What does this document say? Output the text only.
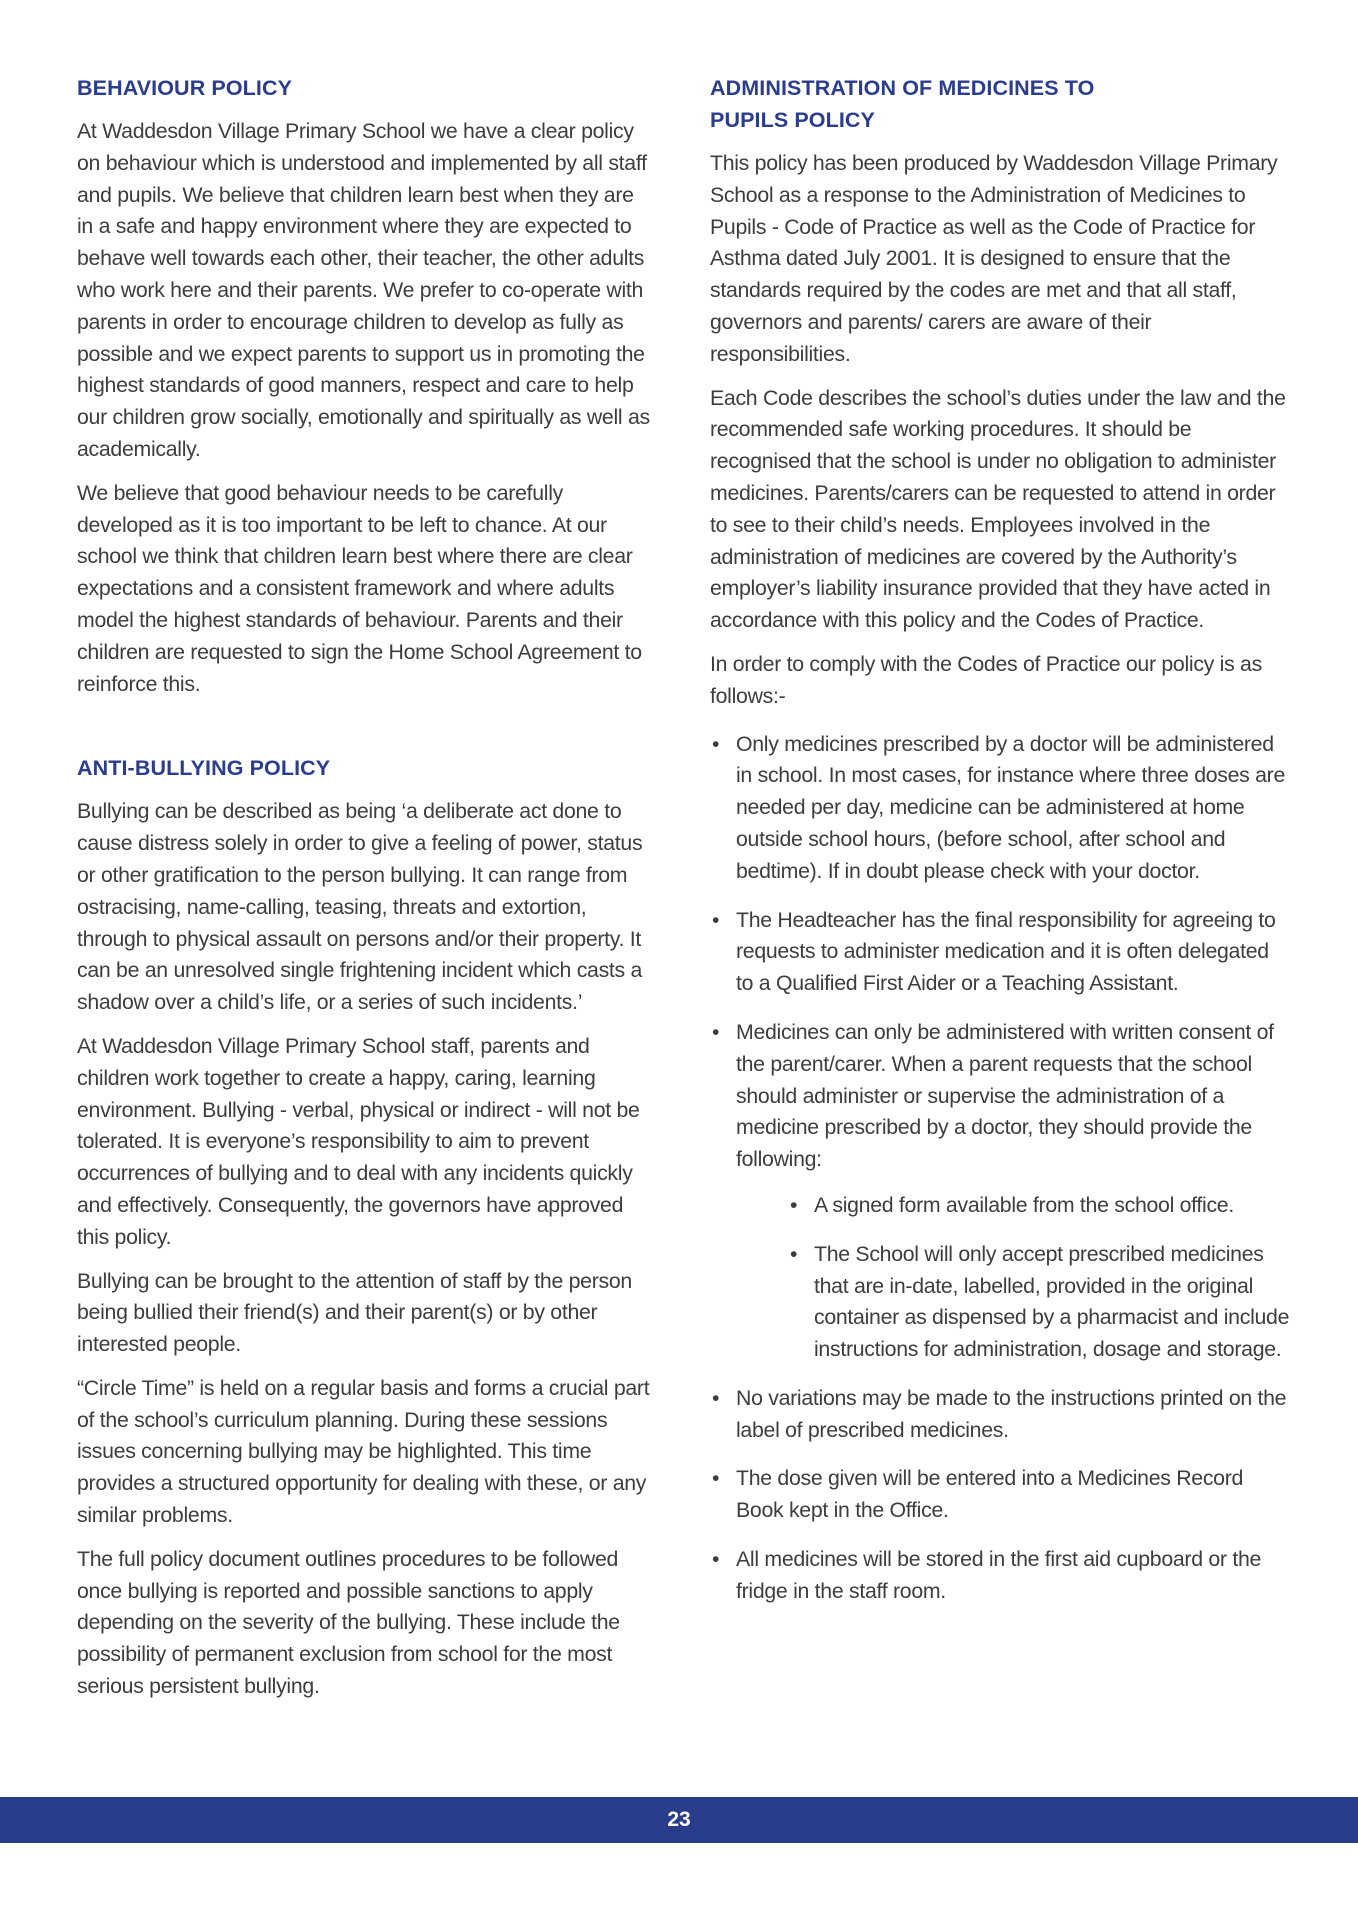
BEHAVIOUR POLICY

At Waddesdon Village Primary School we have a clear policy on behaviour which is understood and implemented by all staff and pupils. We believe that children learn best when they are in a safe and happy environment where they are expected to behave well towards each other, their teacher, the other adults who work here and their parents. We prefer to co-operate with parents in order to encourage children to develop as fully as possible and we expect parents to support us in promoting the highest standards of good manners, respect and care to help our children grow socially, emotionally and spiritually as well as academically.

We believe that good behaviour needs to be carefully developed as it is too important to be left to chance. At our school we think that children learn best where there are clear expectations and a consistent framework and where adults model the highest standards of behaviour. Parents and their children are requested to sign the Home School Agreement to reinforce this.

ANTI-BULLYING POLICY

Bullying can be described as being ‘a deliberate act done to cause distress solely in order to give a feeling of power, status or other gratification to the person bullying. It can range from ostracising, name-calling, teasing, threats and extortion, through to physical assault on persons and/or their property. It can be an unresolved single frightening incident which casts a shadow over a child’s life, or a series of such incidents.’

At Waddesdon Village Primary School staff, parents and children work together to create a happy, caring, learning environment. Bullying - verbal, physical or indirect - will not be tolerated. It is everyone’s responsibility to aim to prevent occurrences of bullying and to deal with any incidents quickly and effectively. Consequently, the governors have approved this policy.

Bullying can be brought to the attention of staff by the person being bullied their friend(s) and their parent(s) or by other interested people.

“Circle Time” is held on a regular basis and forms a crucial part of the school’s curriculum planning. During these sessions issues concerning bullying may be highlighted. This time provides a structured opportunity for dealing with these, or any similar problems.

The full policy document outlines procedures to be followed once bullying is reported and possible sanctions to apply depending on the severity of the bullying. These include the possibility of permanent exclusion from school for the most serious persistent bullying.

ADMINISTRATION OF MEDICINES TO
PUPILS POLICY

This policy has been produced by Waddesdon Village Primary School as a response to the Administration of Medicines to Pupils - Code of Practice as well as the Code of Practice for Asthma dated July 2001. It is designed to ensure that the standards required by the codes are met and that all staff, governors and parents/ carers are aware of their responsibilities.

Each Code describes the school’s duties under the law and the recommended safe working procedures. It should be recognised that the school is under no obligation to administer medicines. Parents/carers can be requested to attend in order to see to their child’s needs. Employees involved in the administration of medicines are covered by the Authority’s employer’s liability insurance provided that they have acted in accordance with this policy and the Codes of Practice.

In order to comply with the Codes of Practice our policy is as follows:-

• Only medicines prescribed by a doctor will be administered in school. In most cases, for instance where three doses are needed per day, medicine can be administered at home outside school hours, (before school, after school and bedtime). If in doubt please check with your doctor.
• The Headteacher has the final responsibility for agreeing to requests to administer medication and it is often delegated to a Qualified First Aider or a Teaching Assistant.
• Medicines can only be administered with written consent of the parent/carer. When a parent requests that the school should administer or supervise the administration of a medicine prescribed by a doctor, they should provide the following:
• A signed form available from the school office.
• The School will only accept prescribed medicines that are in-date, labelled, provided in the original container as dispensed by a pharmacist and include instructions for administration, dosage and storage.
• No variations may be made to the instructions printed on the label of prescribed medicines.
• The dose given will be entered into a Medicines Record Book kept in the Office.
• All medicines will be stored in the first aid cupboard or the fridge in the staff room.
23
